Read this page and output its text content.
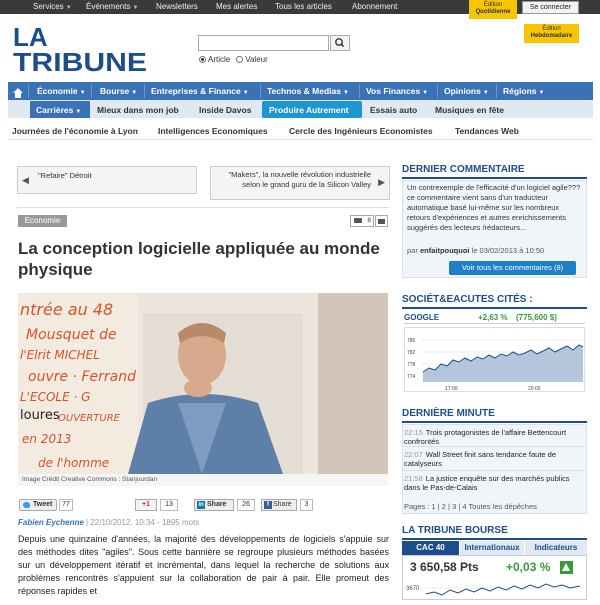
Services ▼ Événements ▼ Newsletters Mes alertes Tous les articles	Abonnement	Édition
Quotidienne
Se connecter
Édition
Hebdomadaire
LA
TRIBUNE	Article	Valeur
Économie ▼ Bourse ▼ Entreprises & Finance ▼ Technos & Medias ▼ Vos Finances ▼ Opinions ▼ Régions ▼
Carrières ▼ Mieux dans mon job Inside Davos Produire Autrement	Essais auto Musiques en fête
Journées de l'économie à Lyon Intelligences Economiques	Cercle des Ingénieurs Economistes	Tendances Web
◀ "Refaire" Détroit	"Makers", la nouvelle révolution industrielle selon le grand guru de la Silicon Valley ▶
Economie	8
La conception logicielle appliquée au monde physique
ntrée au 48
Mousquet de
l'Elrit MICHEL
ouvre · Ferrand
L'ECOLE · G
OUVERTURE
en 2013
de l'homme
loures
Image Crédit Creative Commons : Stanjourdan
Tweet	77	+1	13	in Share	26	f Share	3
Fabien Eychenne | 22/10/2012, 10:34 - 1895 mots

Depuis une quinzaine d'années, la majorité des développements de logiciels s'appuie sur des méthodes dites "agiles". Sous cette bannière se regroupe plusieurs méthodes basées sur un développement itératif et incrémental, dans lequel la recherche de solutions aux problèmes rencontrés s'appuient sur la collaboration de pair à pair. Elle promeut des réponses rapides et

DERNIER COMMENTAIRE
Un contrexemple de l'efficacité d'un logiciel agile??? ce commentaire vient sans d'un traducteur automatique basé lui-même sur les nombreux retours d'expériences et autres enrichissements suggérés des lecteurs /rédacteurs...
par enfaitpouquoi le 03/02/2013 à 10:50
Voir tous les commentaires (8)
SOCIÉT&EACUTES CITÉS :
GOOGLE	+2,63 % (775,600 $)
786
782
778
774
17:00	20:00
DERNIÈRE MINUTE
22:15 Trois protagonistes de l'affaire Bettencourt confrontés
22:07 Wall Street finit sans tendance faute de catalyseurs
21:58 La justice enquête sur des marchés publics dans le Pas-de-Calais
Pages : 1 | 2 | 3 | 4 Toutes les dépêches
LA TRIBUNE BOURSE
CAC 40	Internationaux	Indicateurs
3 650,58 Pts +0,03 %
3670
